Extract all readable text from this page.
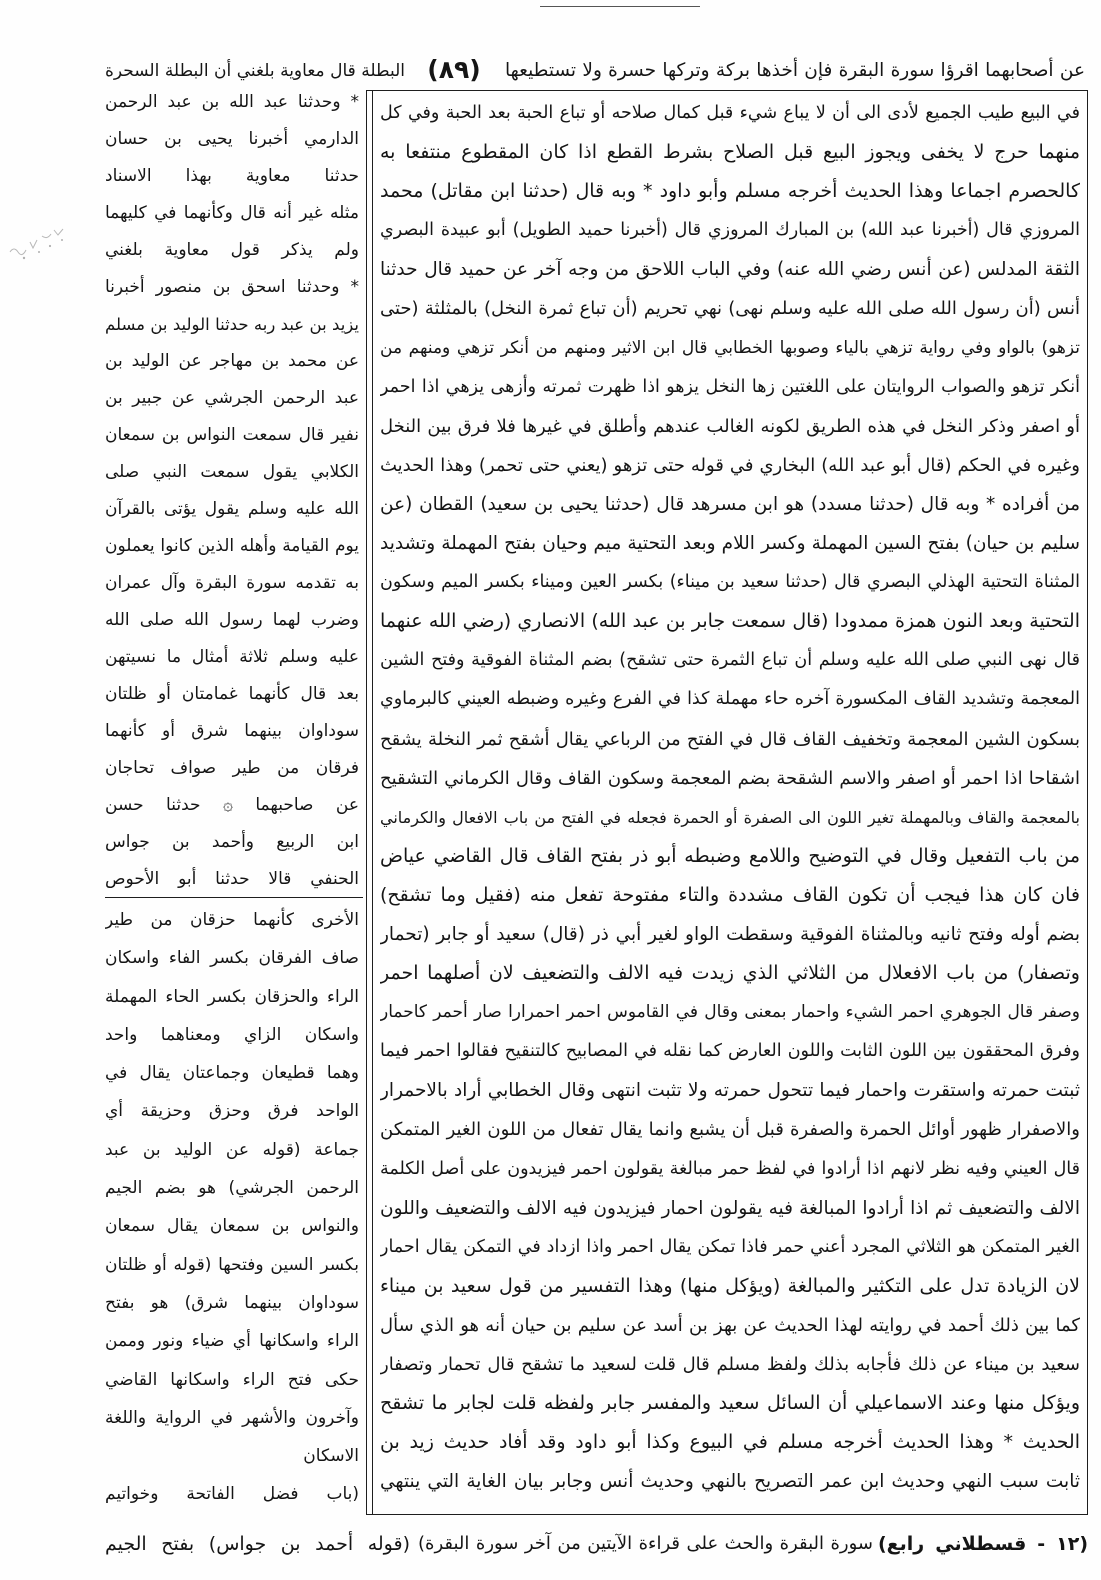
عن أصحابهما اقرؤا سورة البقرة فإن أخذها بركة وتركها حسرة ولا تستطيعها
(٨٩)
البطلة قال معاوية بلغني أن البطلة السحرة
في البيع طيب الجميع لأدى الى أن لا يباع شيء قبل كمال صلاحه أو تباع الحبة بعد الحبة وفي كل
منهما حرج لا يخفى ويجوز البيع قبل الصلاح بشرط القطع اذا كان المقطوع منتفعا به
كالحصرم اجماعا وهذا الحديث أخرجه مسلم وأبو داود * وبه قال (حدثنا ابن مقاتل) محمد
المروزي قال (أخبرنا عبد الله) بن المبارك المروزي قال (أخبرنا حميد الطويل) أبو عبيدة البصري
الثقة المدلس (عن أنس رضي الله عنه) وفي الباب اللاحق من وجه آخر عن حميد قال حدثنا
أنس (أن رسول الله صلى الله عليه وسلم نهى) نهي تحريم (أن تباع ثمرة النخل) بالمثلثة (حتى
تزهو) بالواو وفي رواية تزهي بالياء وصوبها الخطابي قال ابن الاثير ومنهم من أنكر تزهي ومنهم من
أنكر تزهو والصواب الروايتان على اللغتين زها النخل يزهو اذا ظهرت ثمرته وأزهى يزهي اذا احمر
أو اصفر وذكر النخل في هذه الطريق لكونه الغالب عندهم وأطلق في غيرها فلا فرق بين النخل
وغيره في الحكم (قال أبو عبد الله) البخاري في قوله حتى تزهو (يعني حتى تحمر) وهذا الحديث
من أفراده * وبه قال (حدثنا مسدد) هو ابن مسرهد قال (حدثنا يحيى بن سعيد) القطان (عن
سليم بن حيان) بفتح السين المهملة وكسر اللام وبعد التحتية ميم وحيان بفتح المهملة وتشديد
المثناة التحتية الهذلي البصري قال (حدثنا سعيد بن ميناء) بكسر العين وميناء بكسر الميم وسكون
التحتية وبعد النون همزة ممدودا (قال سمعت جابر بن عبد الله) الانصاري (رضي الله عنهما
قال نهى النبي صلى الله عليه وسلم أن تباع الثمرة حتى تشقح) بضم المثناة الفوقية وفتح الشين
المعجمة وتشديد القاف المكسورة آخره حاء مهملة كذا في الفرع وغيره وضبطه العيني كالبرماوي
بسكون الشين المعجمة وتخفيف القاف قال في الفتح من الرباعي يقال أشقح ثمر النخلة يشقح
اشقاحا اذا احمر أو اصفر والاسم الشقحة بضم المعجمة وسكون القاف وقال الكرماني التشقيح
بالمعجمة والقاف وبالمهملة تغير اللون الى الصفرة أو الحمرة فجعله في الفتح من باب الافعال والكرماني
من باب التفعيل وقال في التوضيح واللامع وضبطه أبو ذر بفتح القاف قال القاضي عياض
فان كان هذا فيجب أن تكون القاف مشددة والتاء مفتوحة تفعل منه (فقيل وما تشقح)
بضم أوله وفتح ثانيه وبالمثناة الفوقية وسقطت الواو لغير أبي ذر (قال) سعيد أو جابر (تحمار
وتصفار) من باب الافعلال من الثلاثي الذي زيدت فيه الالف والتضعيف لان أصلهما احمر
وصفر قال الجوهري احمر الشيء واحمار بمعنى وقال في القاموس احمر احمرارا صار أحمر كاحمار
وفرق المحققون بين اللون الثابت واللون العارض كما نقله في المصابيح كالتنقيح فقالوا احمر فيما
ثبتت حمرته واستقرت واحمار فيما تتحول حمرته ولا تثبت انتهى وقال الخطابي أراد بالاحمرار
والاصفرار ظهور أوائل الحمرة والصفرة قبل أن يشبع وانما يقال تفعال من اللون الغير المتمكن
قال العيني وفيه نظر لانهم اذا أرادوا في لفظ حمر مبالغة يقولون احمر فيزيدون على أصل الكلمة
الالف والتضعيف ثم اذا أرادوا المبالغة فيه يقولون احمار فيزيدون فيه الالف والتضعيف واللون
الغير المتمكن هو الثلاثي المجرد أعني حمر فاذا تمكن يقال احمر واذا ازداد في التمكن يقال احمار
لان الزيادة تدل على التكثير والمبالغة (ويؤكل منها) وهذا التفسير من قول سعيد بن ميناء
كما بين ذلك أحمد في روايته لهذا الحديث عن بهز بن أسد عن سليم بن حيان أنه هو الذي سأل
سعيد بن ميناء عن ذلك فأجابه بذلك ولفظ مسلم قال قلت لسعيد ما تشقح قال تحمار وتصفار
ويؤكل منها وعند الاسماعيلي أن السائل سعيد والمفسر جابر ولفظه قلت لجابر ما تشقح
الحديث * وهذا الحديث أخرجه مسلم في البيوع وكذا أبو داود وقد أفاد حديث زيد بن
ثابت سبب النهي وحديث ابن عمر التصريح بالنهي وحديث أنس وجابر بيان الغاية التي ينتهي
* وحدثنا عبد الله بن عبد الرحمن
الدارمي أخبرنا يحيى بن حسان
حدثنا معاوية بهذا الاسناد
مثله غير أنه قال وكأنهما في كليهما
ولم يذكر قول معاوية بلغني
* وحدثنا اسحق بن منصور أخبرنا
يزيد بن عبد ربه حدثنا الوليد بن مسلم
عن محمد بن مهاجر عن الوليد بن
عبد الرحمن الجرشي عن جبير بن
نفير قال سمعت النواس بن سمعان
الكلابي يقول سمعت النبي صلى
الله عليه وسلم يقول يؤتى بالقرآن
يوم القيامة وأهله الذين كانوا يعملون
به تقدمه سورة البقرة وآل عمران
وضرب لهما رسول الله صلى الله
عليه وسلم ثلاثة أمثال ما نسيتهن
بعد قال كأنهما غمامتان أو ظلتان
سوداوان بينهما شرق أو كأنهما
فرقان من طير صواف تحاجان
عن صاحبهما ۞ حدثنا حسن
ابن الربيع وأحمد بن جواس
الحنفي قالا حدثنا أبو الأحوص
الأخرى كأنهما حزقان من طير
صاف الفرقان بكسر الفاء واسكان
الراء والحزقان بكسر الحاء المهملة
واسكان الزاي ومعناهما واحد
وهما قطيعان وجماعتان يقال في
الواحد فرق وحزق وحزيقة أي
جماعة (قوله عن الوليد بن عبد
الرحمن الجرشي) هو بضم الجيم
والنواس بن سمعان يقال سمعان
بكسر السين وفتحها (قوله أو ظلتان
سوداوان بينهما شرق) هو بفتح
الراء واسكانها أي ضياء ونور وممن
حكى فتح الراء واسكانها القاضي
وآخرون والأشهر في الرواية واللغة
الاسكان
(باب فضل الفاتحة وخواتيم
(١٢ - قسطلاني رابع)
سورة البقرة والحث على قراءة الآيتين من آخر سورة البقرة)
(قوله أحمد بن جواس) بفتح الجيم
